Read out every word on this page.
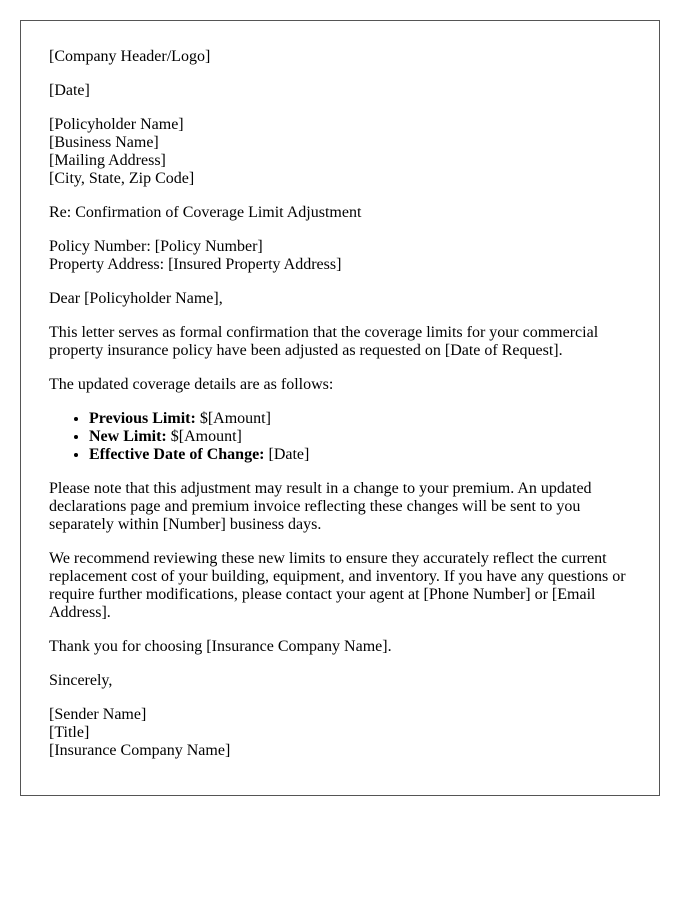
[Company Header/Logo]
[Date]
[Policyholder Name]
[Business Name]
[Mailing Address]
[City, State, Zip Code]
Re: Confirmation of Coverage Limit Adjustment
Policy Number: [Policy Number]
Property Address: [Insured Property Address]
Dear [Policyholder Name],

This letter serves as formal confirmation that the coverage limits for your commercial property insurance policy have been adjusted as requested on [Date of Request].

The updated coverage details are as follows:

• Previous Limit: $[Amount]
• New Limit: $[Amount]
• Effective Date of Change: [Date]

Please note that this adjustment may result in a change to your premium. An updated declarations page and premium invoice reflecting these changes will be sent to you separately within [Number] business days.

We recommend reviewing these new limits to ensure they accurately reflect the current replacement cost of your building, equipment, and inventory. If you have any questions or require further modifications, please contact your agent at [Phone Number] or [Email Address].

Thank you for choosing [Insurance Company Name].

Sincerely,
[Sender Name]
[Title]
[Insurance Company Name]
